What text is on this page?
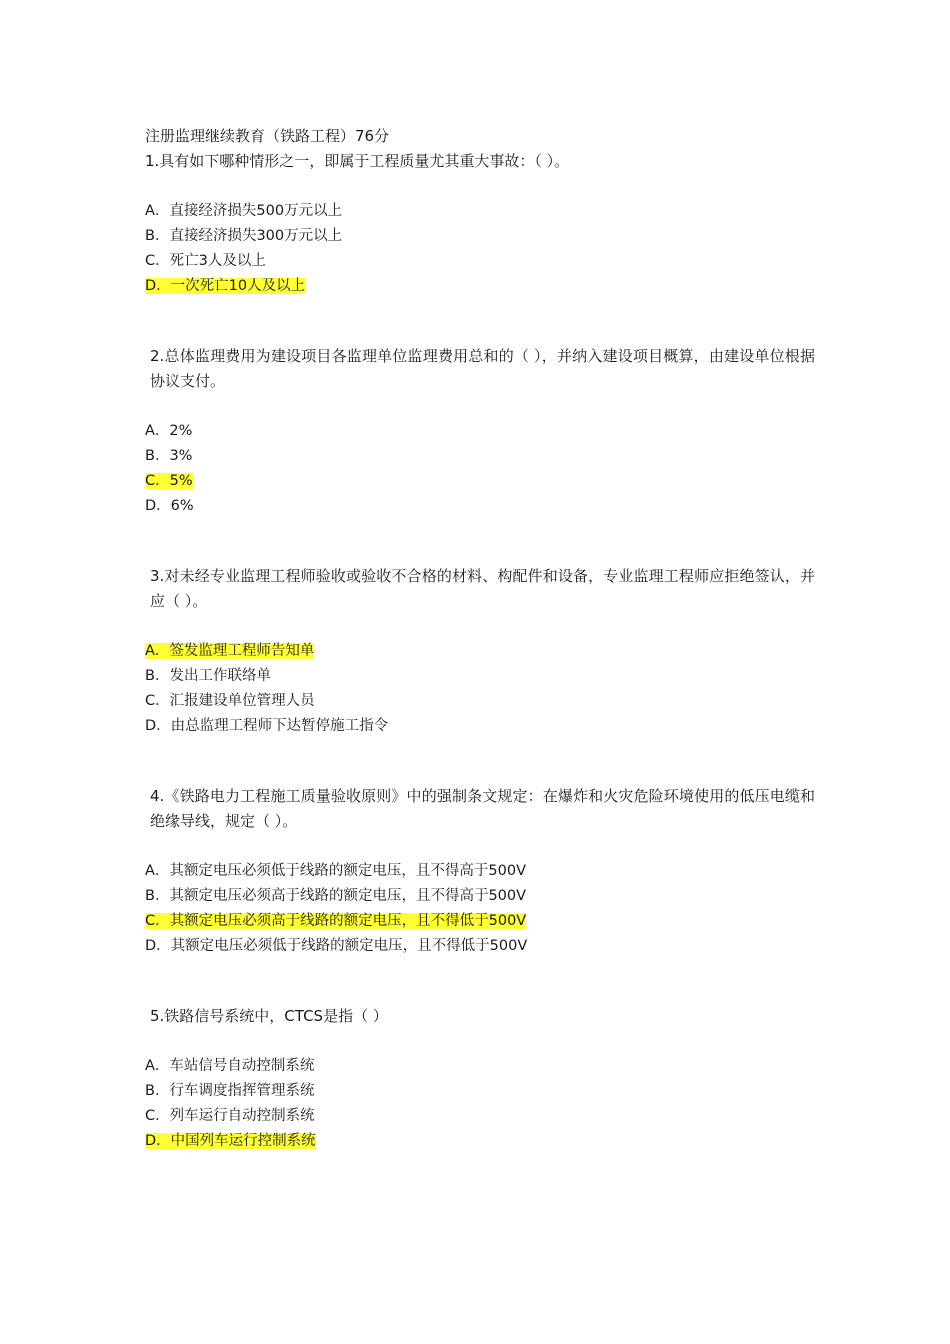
注册监理继续教育（铁路工程）76分
1.具有如下哪种情形之一，即属于工程质量尤其重大事故：（ ）。
A．直接经济损失500万元以上
B．直接经济损失300万元以上
C．死亡3人及以上
D．一次死亡10人及以上
2.总体监理费用为建设项目各监理单位监理费用总和的（ ），并纳入建设项目概算，由建设单位根据协议支付。
A．2%
B．3%
C．5%
D．6%
3.对未经专业监理工程师验收或验收不合格的材料、构配件和设备，专业监理工程师应拒绝签认，并应（ ）。
A．签发监理工程师告知单
B．发出工作联络单
C．汇报建设单位管理人员
D．由总监理工程师下达暂停施工指令
4.《铁路电力工程施工质量验收原则》中的强制条文规定：在爆炸和火灾危险环境使用的低压电缆和绝缘导线，规定（ ）。
A．其额定电压必须低于线路的额定电压，且不得高于500V
B．其额定电压必须高于线路的额定电压，且不得高于500V
C．其额定电压必须高于线路的额定电压，且不得低于500V
D．其额定电压必须低于线路的额定电压，且不得低于500V
5.铁路信号系统中，CTCS是指（ ）
A．车站信号自动控制系统
B．行车调度指挥管理系统
C．列车运行自动控制系统
D．中国列车运行控制系统
